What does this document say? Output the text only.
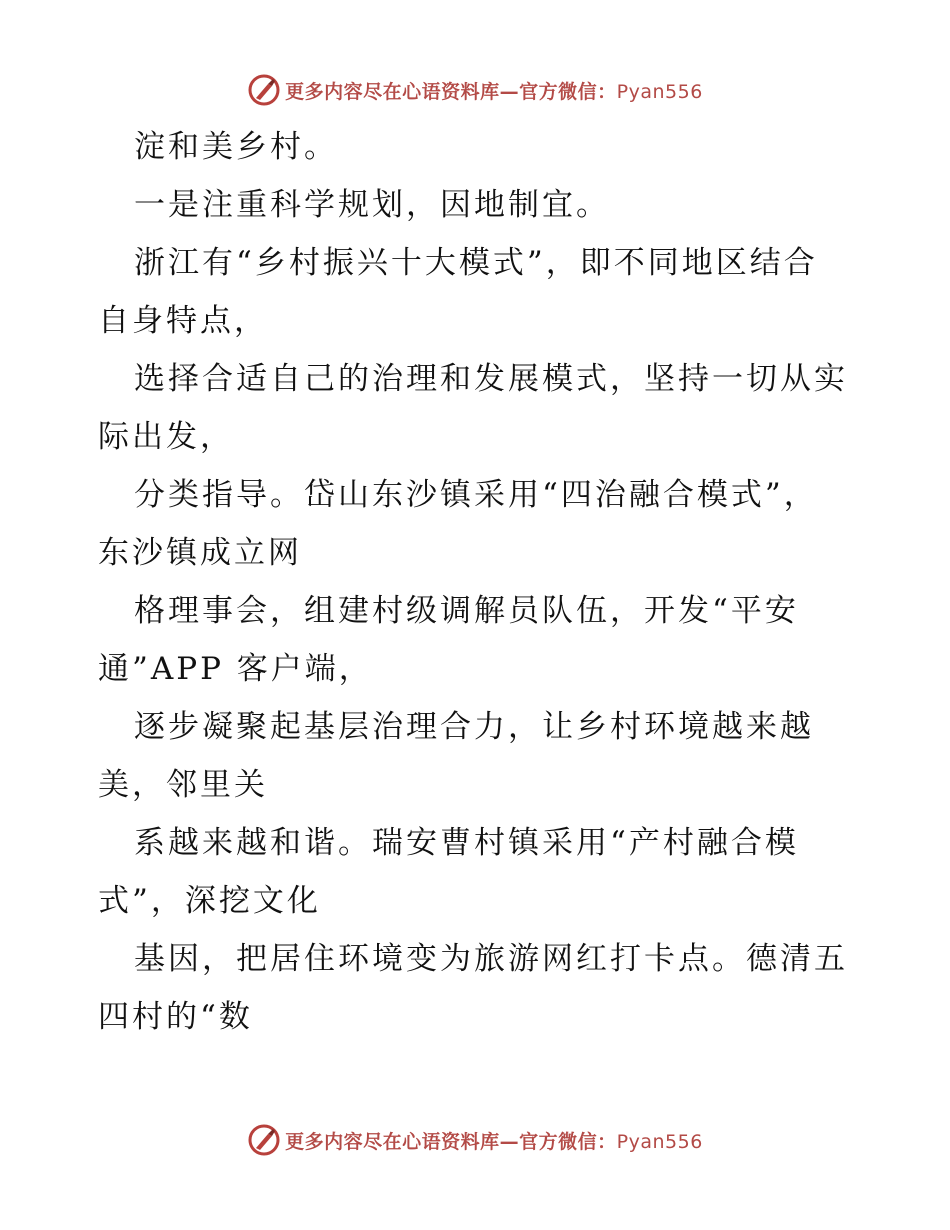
更多内容尽在心语资料库—官方微信：Pyan556
淀和美乡村。
一是注重科学规划，因地制宜。
浙江有“乡村振兴十大模式”，即不同地区结合
自身特点，
选择合适自己的治理和发展模式，坚持一切从实
际出发，
分类指导。岱山东沙镇采用“四治融合模式”，
东沙镇成立网
格理事会，组建村级调解员队伍，开发“平安
通”APP 客户端，
逐步凝聚起基层治理合力，让乡村环境越来越
美，邻里关
系越来越和谐。瑞安曹村镇采用“产村融合模
式”，深挖文化
基因，把居住环境变为旅游网红打卡点。德清五
四村的“数
更多内容尽在心语资料库—官方微信：Pyan556
